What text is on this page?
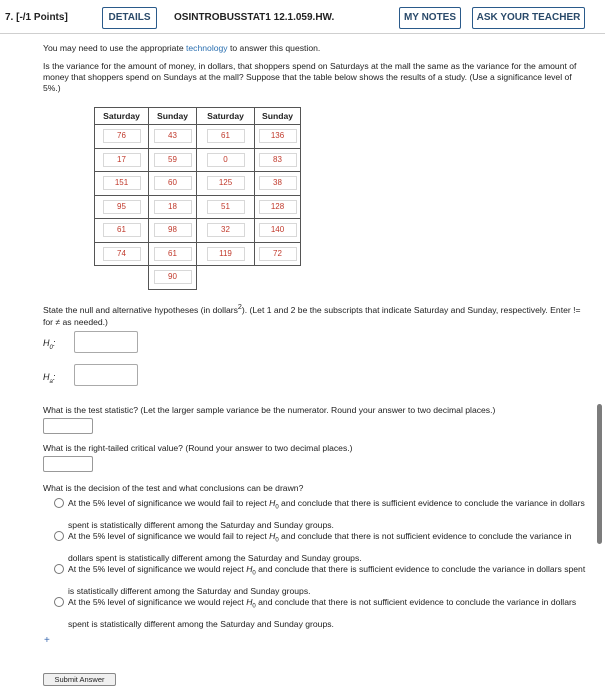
7. [-/1 Points]	DETAILS	OSINTROBUSSTAT1 12.1.059.HW.	MY NOTES	ASK YOUR TEACHER
You may need to use the appropriate technology to answer this question.
Is the variance for the amount of money, in dollars, that shoppers spend on Saturdays at the mall the same as the variance for the amount of money that shoppers spend on Sundays at the mall? Suppose that the table below shows the results of a study. (Use a significance level of 5%.)
Saturday	Sunday	Saturday	Sunday
76	43	61	136
17	59	0	83
151	60	125	38
95	18	51	128
61	98	32	140
74	61	119	72
	90		
State the null and alternative hypotheses (in dollars$^2$). (Let 1 and 2 be the subscripts that indicate Saturday and Sunday, respectively. Enter != for ≠ as needed.)
$H_0$:
$H_a$:
What is the test statistic? (Let the larger sample variance be the numerator. Round your answer to two decimal places.)
What is the right-tailed critical value? (Round your answer to two decimal places.)
What is the decision of the test and what conclusions can be drawn?
At the 5% level of significance we would fail to reject $H_0$ and conclude that there is sufficient evidence to conclude the variance in dollars spent is statistically different among the Saturday and Sunday groups.
At the 5% level of significance we would fail to reject $H_0$ and conclude that there is not sufficient evidence to conclude the variance in dollars spent is statistically different among the Saturday and Sunday groups.
At the 5% level of significance we would reject $H_0$ and conclude that there is sufficient evidence to conclude the variance in dollars spent is statistically different among the Saturday and Sunday groups.
At the 5% level of significance we would reject $H_0$ and conclude that there is not sufficient evidence to conclude the variance in dollars spent is statistically different among the Saturday and Sunday groups.
+
Submit Answer
